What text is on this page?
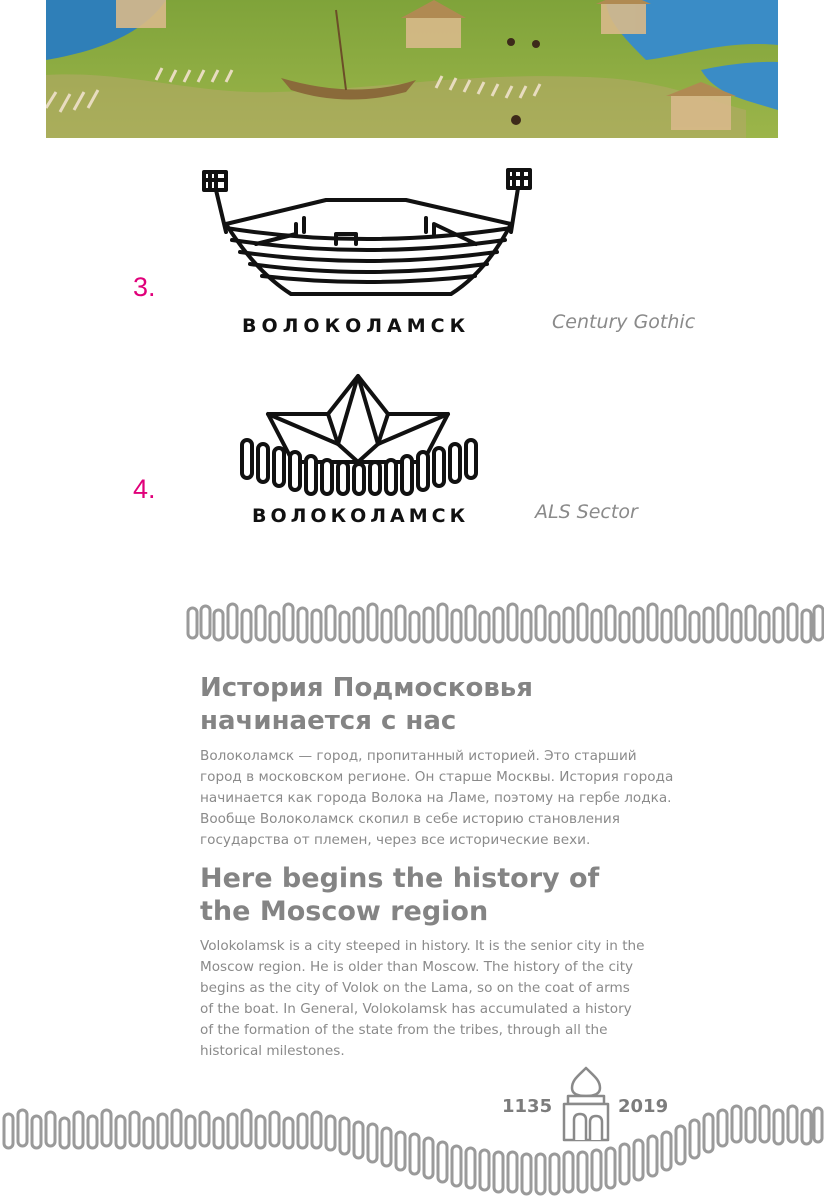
3.
ВОЛОКОЛАМСК	Century Gothic
4.
ВОЛОКОЛАМСК	ALS Sector
История Подмосковья
начинается с нас
Волоколамск — город, пропитанный историей. Это старший
город в московском регионе. Он старше Москвы. История города
начинается как города Волока на Ламе, поэтому на гербе лодка.
Вообще Волоколамск скопил в себе историю становления
государства от племен, через все исторические вехи.
Here begins the history of
the Moscow region
Volokolamsk is a city steeped in history. It is the senior city in the
Moscow region. He is older than Moscow. The history of the city
begins as the city of Volok on the Lama, so on the coat of arms
of the boat. In General, Volokolamsk has accumulated a history
of the formation of the state from the tribes, through all the
historical milestones.
1135	2019
